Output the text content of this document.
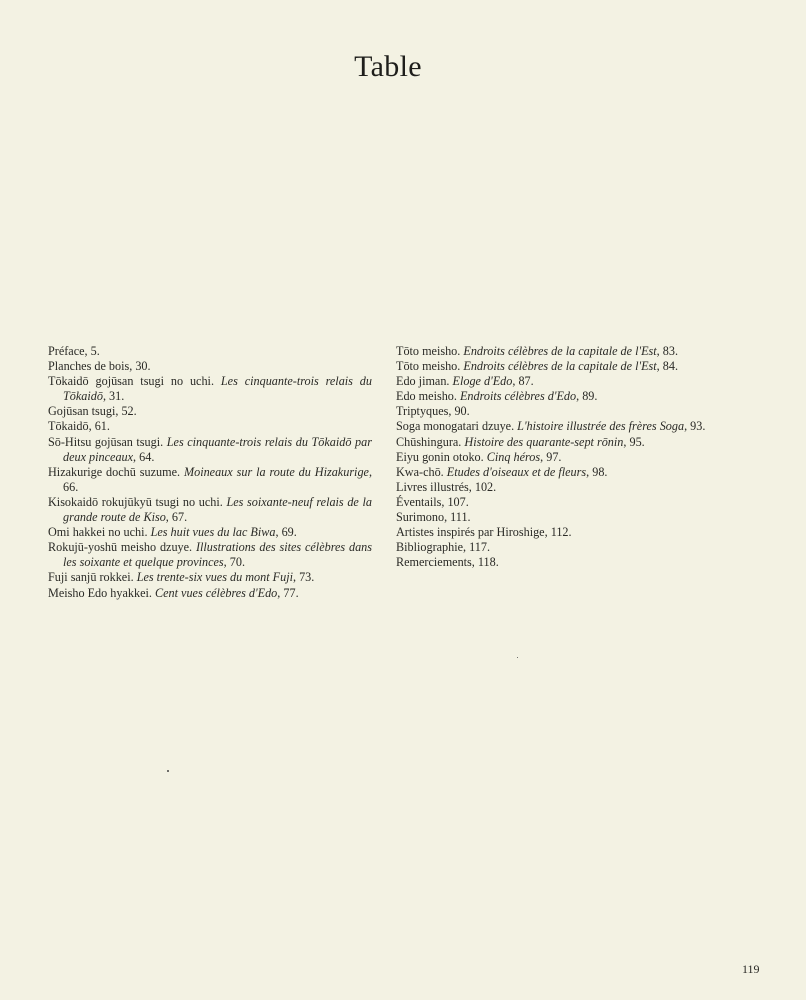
Table
Préface, 5.
Planches de bois, 30.
Tōkaidō gojūsan tsugi no uchi. Les cinquante-trois relais du Tōkaidō, 31.
Gojūsan tsugi, 52.
Tōkaidō, 61.
Sō-Hitsu gojūsan tsugi. Les cinquante-trois relais du Tōkaidō par deux pinceaux, 64.
Hizakurige dochū suzume. Moineaux sur la route du Hizakurige, 66.
Kisokaidō rokujūkyū tsugi no uchi. Les soixante-neuf relais de la grande route de Kiso, 67.
Omi hakkei no uchi. Les huit vues du lac Biwa, 69.
Rokujū-yoshū meisho dzuye. Illustrations des sites célèbres dans les soixante et quelque provinces, 70.
Fuji sanjū rokkei. Les trente-six vues du mont Fuji, 73.
Meisho Edo hyakkei. Cent vues célèbres d'Edo, 77.
Tōto meisho. Endroits célèbres de la capitale de l'Est, 83.
Tōto meisho. Endroits célèbres de la capitale de l'Est, 84.
Edo jiman. Eloge d'Edo, 87.
Edo meisho. Endroits célèbres d'Edo, 89.
Triptyques, 90.
Soga monogatari dzuye. L'histoire illustrée des frères Soga, 93.
Chūshingura. Histoire des quarante-sept rōnin, 95.
Eiyu gonin otoko. Cinq héros, 97.
Kwa-chō. Etudes d'oiseaux et de fleurs, 98.
Livres illustrés, 102.
Éventails, 107.
Surimono, 111.
Artistes inspirés par Hiroshige, 112.
Bibliographie, 117.
Remerciements, 118.
119
